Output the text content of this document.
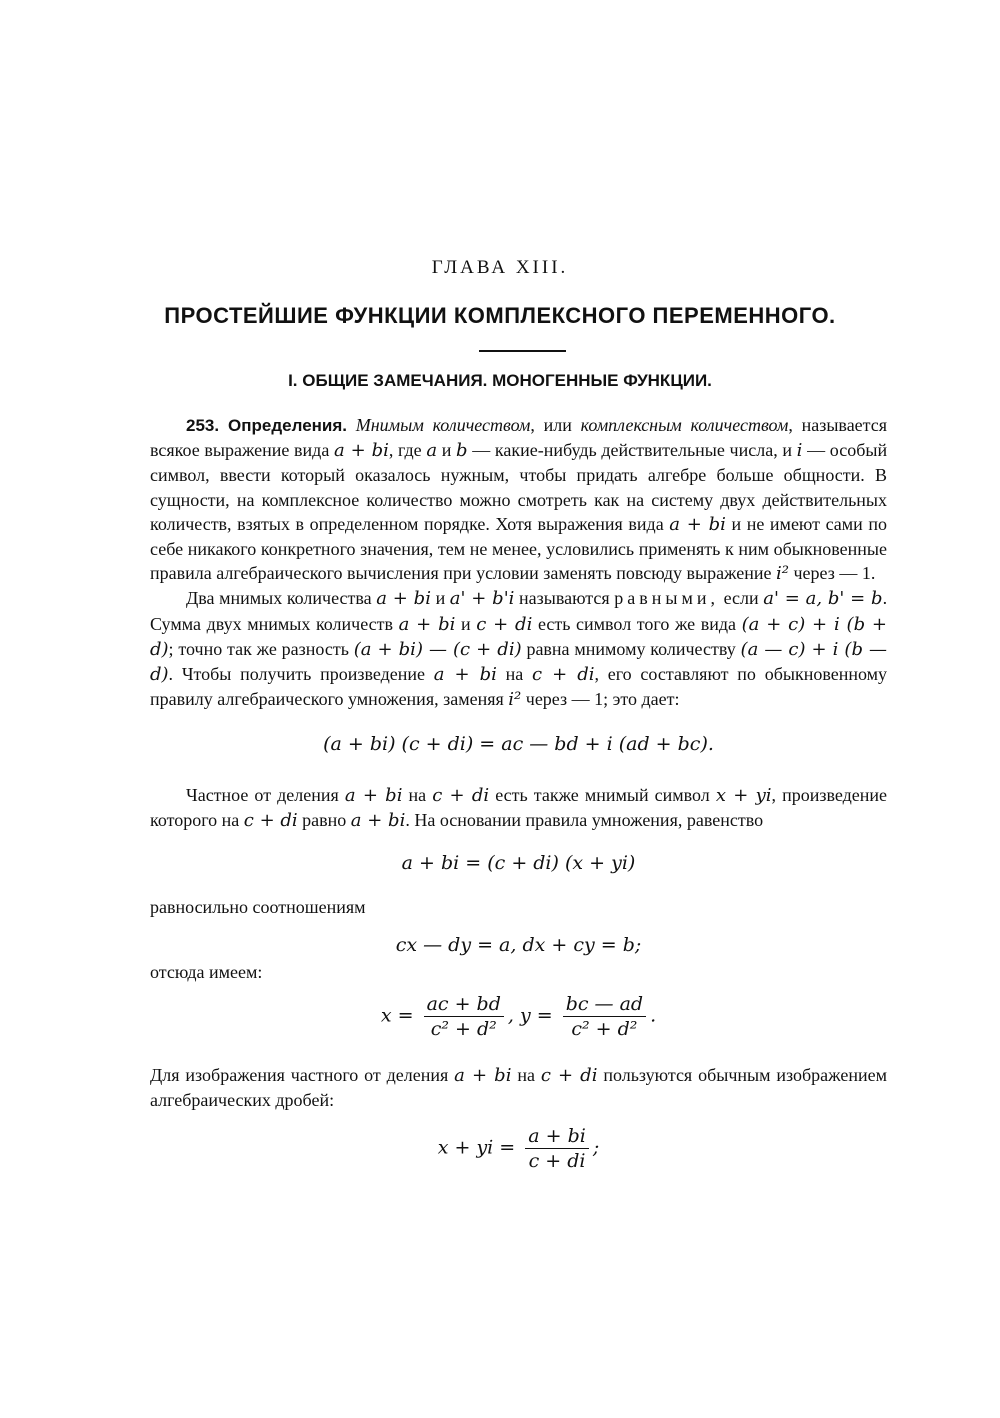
ГЛАВА XIII.
ПРОСТЕЙШИЕ ФУНКЦИИ КОМПЛЕКСНОГО ПЕРЕМЕННОГО.
I. ОБЩИЕ ЗАМЕЧАНИЯ. МОНОГЕННЫЕ ФУНКЦИИ.

253. Определения. Мнимым количеством, или комплексным количеством, называется всякое выражение вида a + bi, где a и b — какие-нибудь действительные числа, и i — особый символ, ввести который оказалось нужным, чтобы придать алгебре больше общности. В сущности, на комплексное количество можно смотреть как на систему двух действительных количеств, взятых в определенном порядке. Хотя выражения вида a + bi и не имеют сами по себе никакого конкретного значения, тем не менее, условились применять к ним обыкновенные правила алгебраического вычисления при условии заменять повсюду выражение i² через — 1.

Два мнимых количества a + bi и a' + b'i называются равными, если a' = a, b' = b. Сумма двух мнимых количеств a + bi и c + di есть символ того же вида (a + c) + i (b + d); точно так же разность (a + bi) — (c + di) равна мнимому количеству (a — c) + i (b — d). Чтобы получить произведение a + bi на c + di, его составляют по обыкновенному правилу алгебраического умножения, заменяя i² через — 1; это дает:

(a + bi) (c + di) = ac — bd + i (ad + bc).

Частное от деления a + bi на c + di есть также мнимый символ x + yi, произведение которого на c + di равно a + bi. На основании правила умножения, равенство

a + bi = (c + di) (x + yi)

равносильно соотношениям

cx — dy = a, dx + cy = b;

отсюда имеем:

$x = \frac{ac + bd}{\text{c² + d²}}$ , $y = \frac{bc — ad}{\text{c² + d²}}$ .

Для изображения частного от деления a + bi на c + di пользуются обычным изображением алгебраических дробей:

x + yi = $\frac{a + bi}{c + di}$ ;
